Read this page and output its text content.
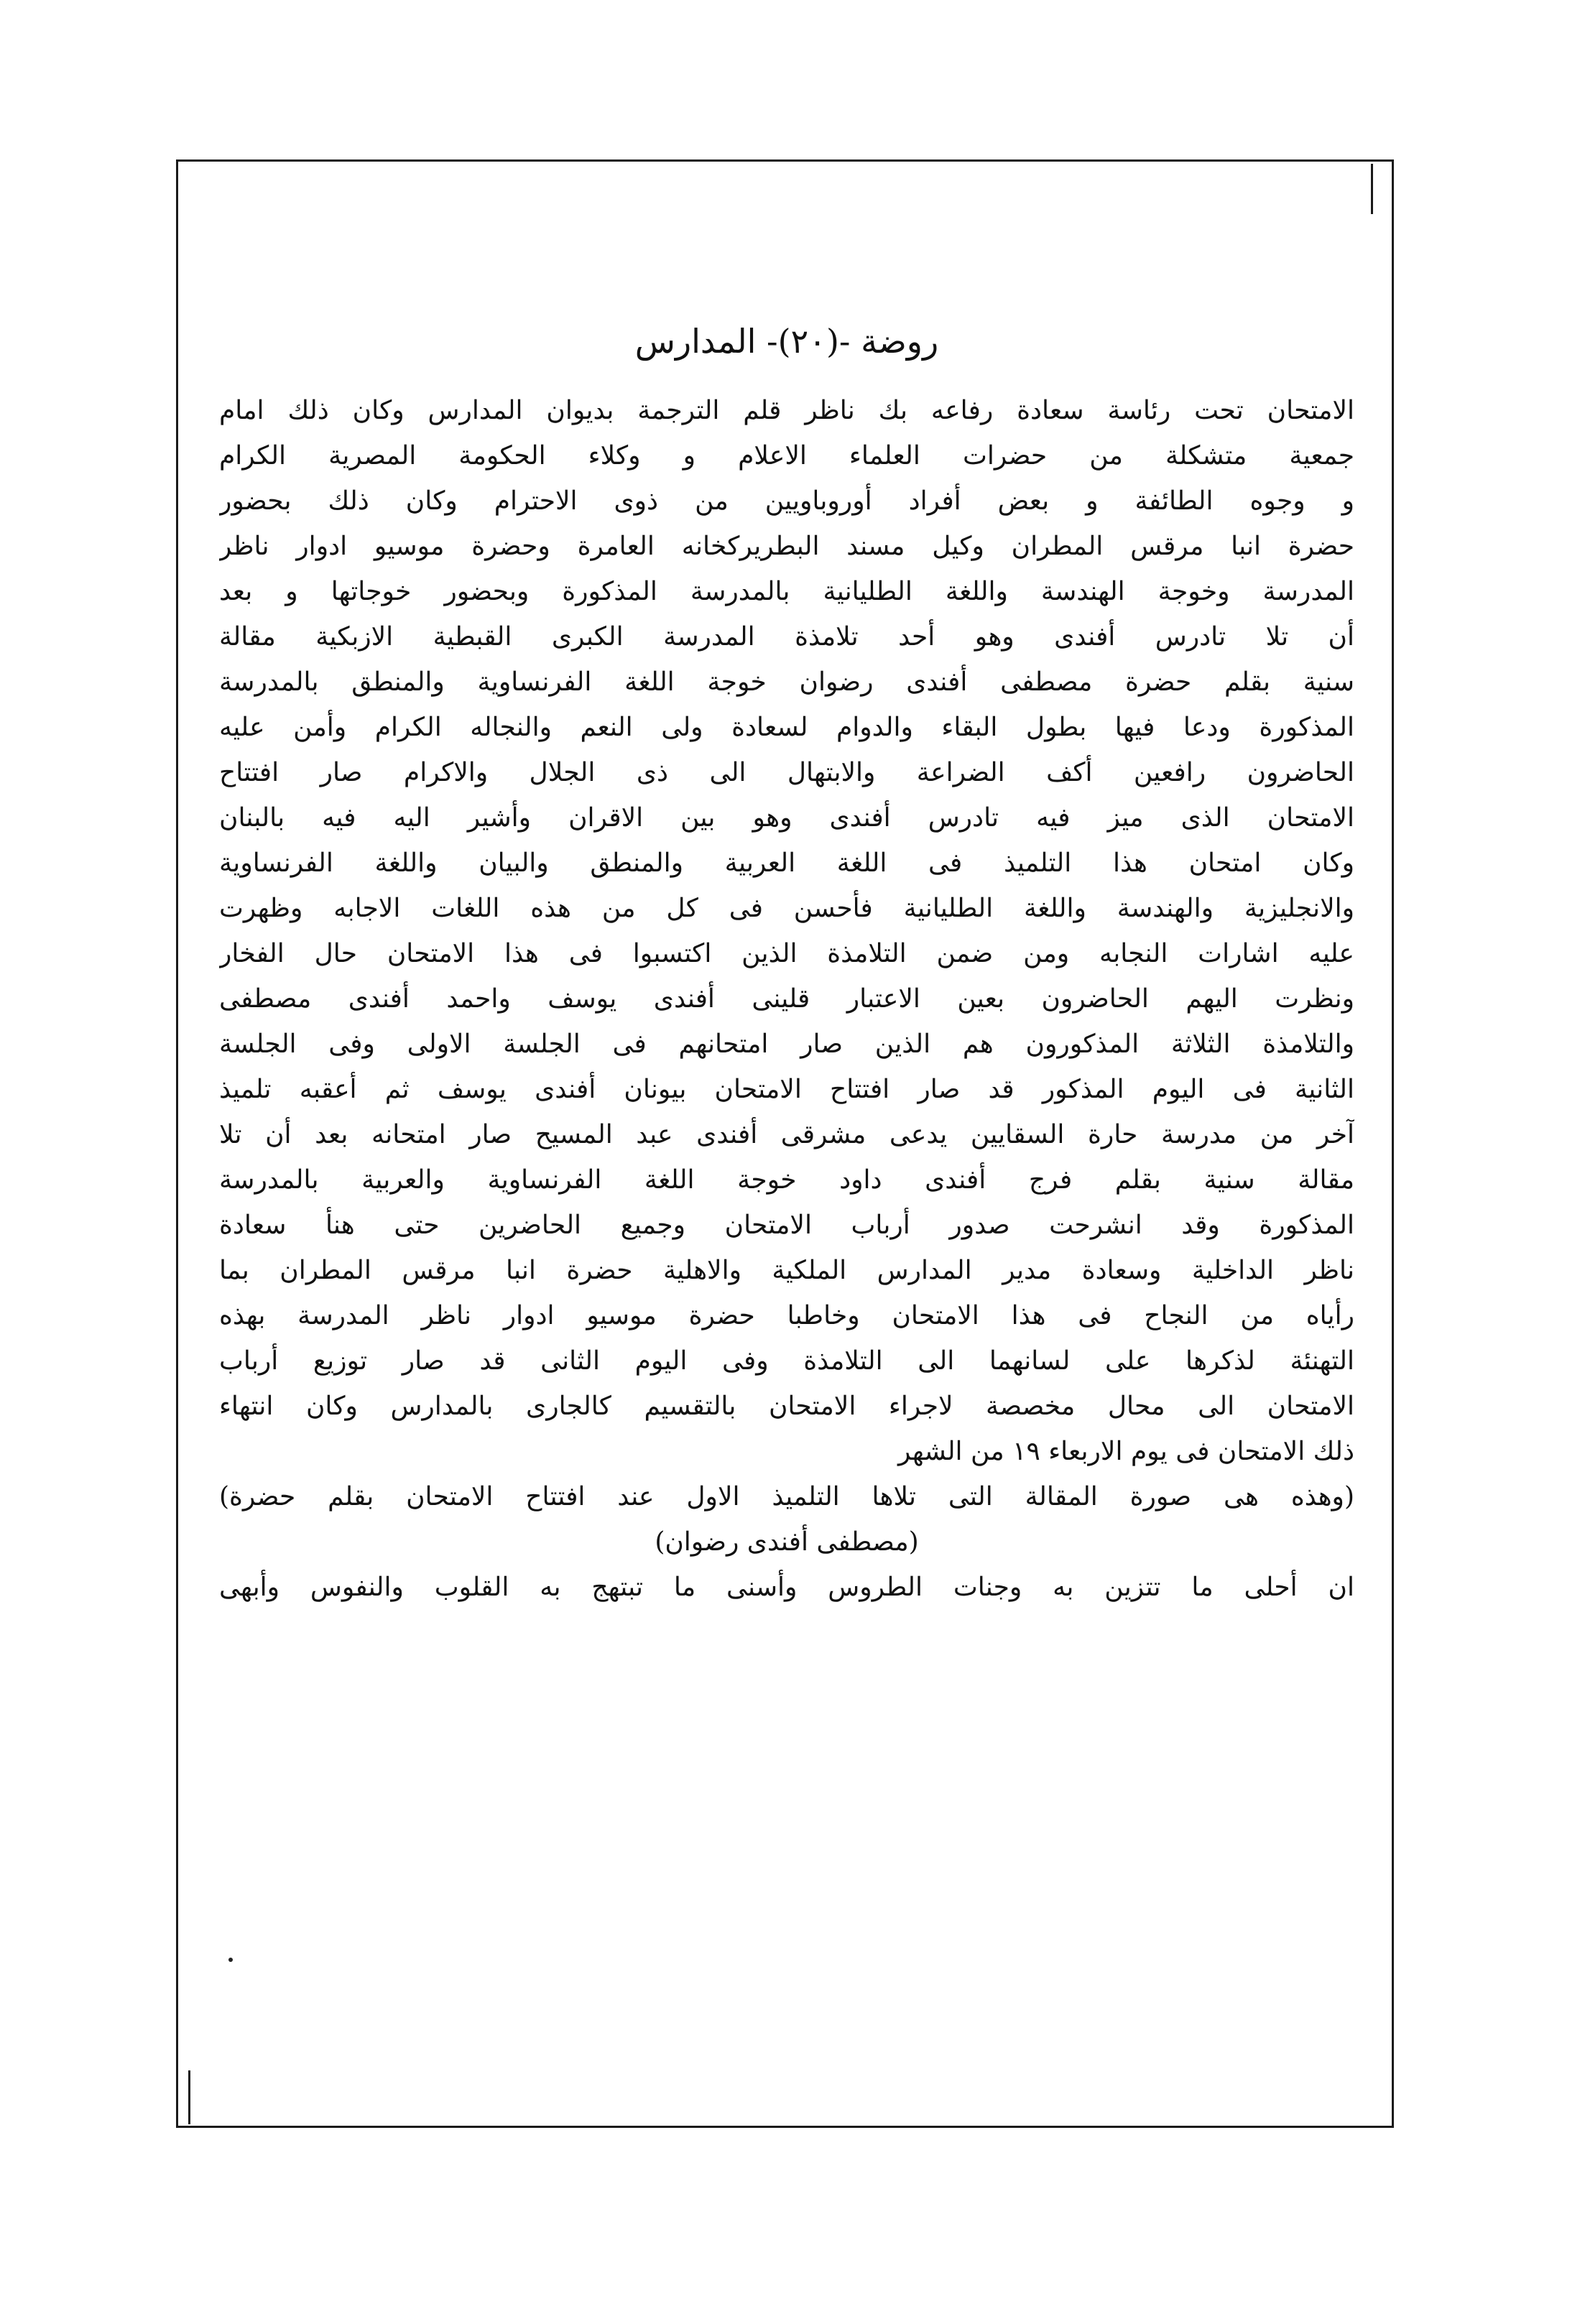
روضة -(٢٠)- المدارس
الامتحان تحت رئاسة سعادة رفاعه بك ناظر قلم الترجمة بديوان المدارس وكان ذلك امام
جمعية متشكلة من حضرات العلماء الاعلام و وكلاء الحكومة المصرية الكرام
و وجوه الطائفة و بعض أفراد أوروباويين من ذوى الاحترام وكان ذلك بحضور
حضرة انبا مرقس المطران وكيل مسند البطريركخانه العامرة وحضرة موسيو ادوار ناظر
المدرسة وخوجة الهندسة واللغة الطليانية بالمدرسة المذكورة وبحضور خوجاتها و بعد
أن تلا تادرس أفندى وهو أحد تلامذة المدرسة الكبرى القبطية الازبكية مقالة
سنية بقلم حضرة مصطفى أفندى رضوان خوجة اللغة الفرنساوية والمنطق بالمدرسة
المذكورة ودعا فيها بطول البقاء والدوام لسعادة ولى النعم والنجاله الكرام وأمن عليه
الحاضرون رافعين أكف الضراعة والابتهال الى ذى الجلال والاكرام صار افتتاح
الامتحان الذى ميز فيه تادرس أفندى وهو بين الاقران وأشير اليه فيه بالبنان
وكان امتحان هذا التلميذ فى اللغة العربية والمنطق والبيان واللغة الفرنساوية
والانجليزية والهندسة واللغة الطليانية فأحسن فى كل من هذه اللغات الاجابه وظهرت
عليه اشارات النجابه ومن ضمن التلامذة الذين اكتسبوا فى هذا الامتحان حال الفخار
ونظرت اليهم الحاضرون بعين الاعتبار قلينى أفندى يوسف واحمد أفندى مصطفى
والتلامذة الثلاثة المذكورون هم الذين صار امتحانهم فى الجلسة الاولى وفى الجلسة
الثانية فى اليوم المذكور قد صار افتتاح الامتحان بيونان أفندى يوسف ثم أعقبه تلميذ
آخر من مدرسة حارة السقايين يدعى مشرقى أفندى عبد المسيح صار امتحانه بعد أن تلا
مقالة سنية بقلم فرج أفندى داود خوجة اللغة الفرنساوية والعربية بالمدرسة
المذكورة وقد انشرحت صدور أرباب الامتحان وجميع الحاضرين حتى هنأ سعادة
ناظر الداخلية وسعادة مدير المدارس الملكية والاهلية حضرة انبا مرقس المطران بما
رأياه من النجاح فى هذا الامتحان وخاطبا حضرة موسيو ادوار ناظر المدرسة بهذه
التهنئة لذكرها على لسانهما الى التلامذة وفى اليوم الثانى قد صار توزيع أرباب
الامتحان الى محال مخصصة لاجراء الامتحان بالتقسيم كالجارى بالمدارس وكان انتهاء
ذلك الامتحان فى يوم الاربعاء ١٩ من الشهر
(وهذه هى صورة المقالة التى تلاها التلميذ الاول عند افتتاح الامتحان بقلم حضرة)
(مصطفى أفندى رضوان)
ان أحلى ما تتزين به وجنات الطروس وأسنى ما تبتهج به القلوب والنفوس وأبهى
